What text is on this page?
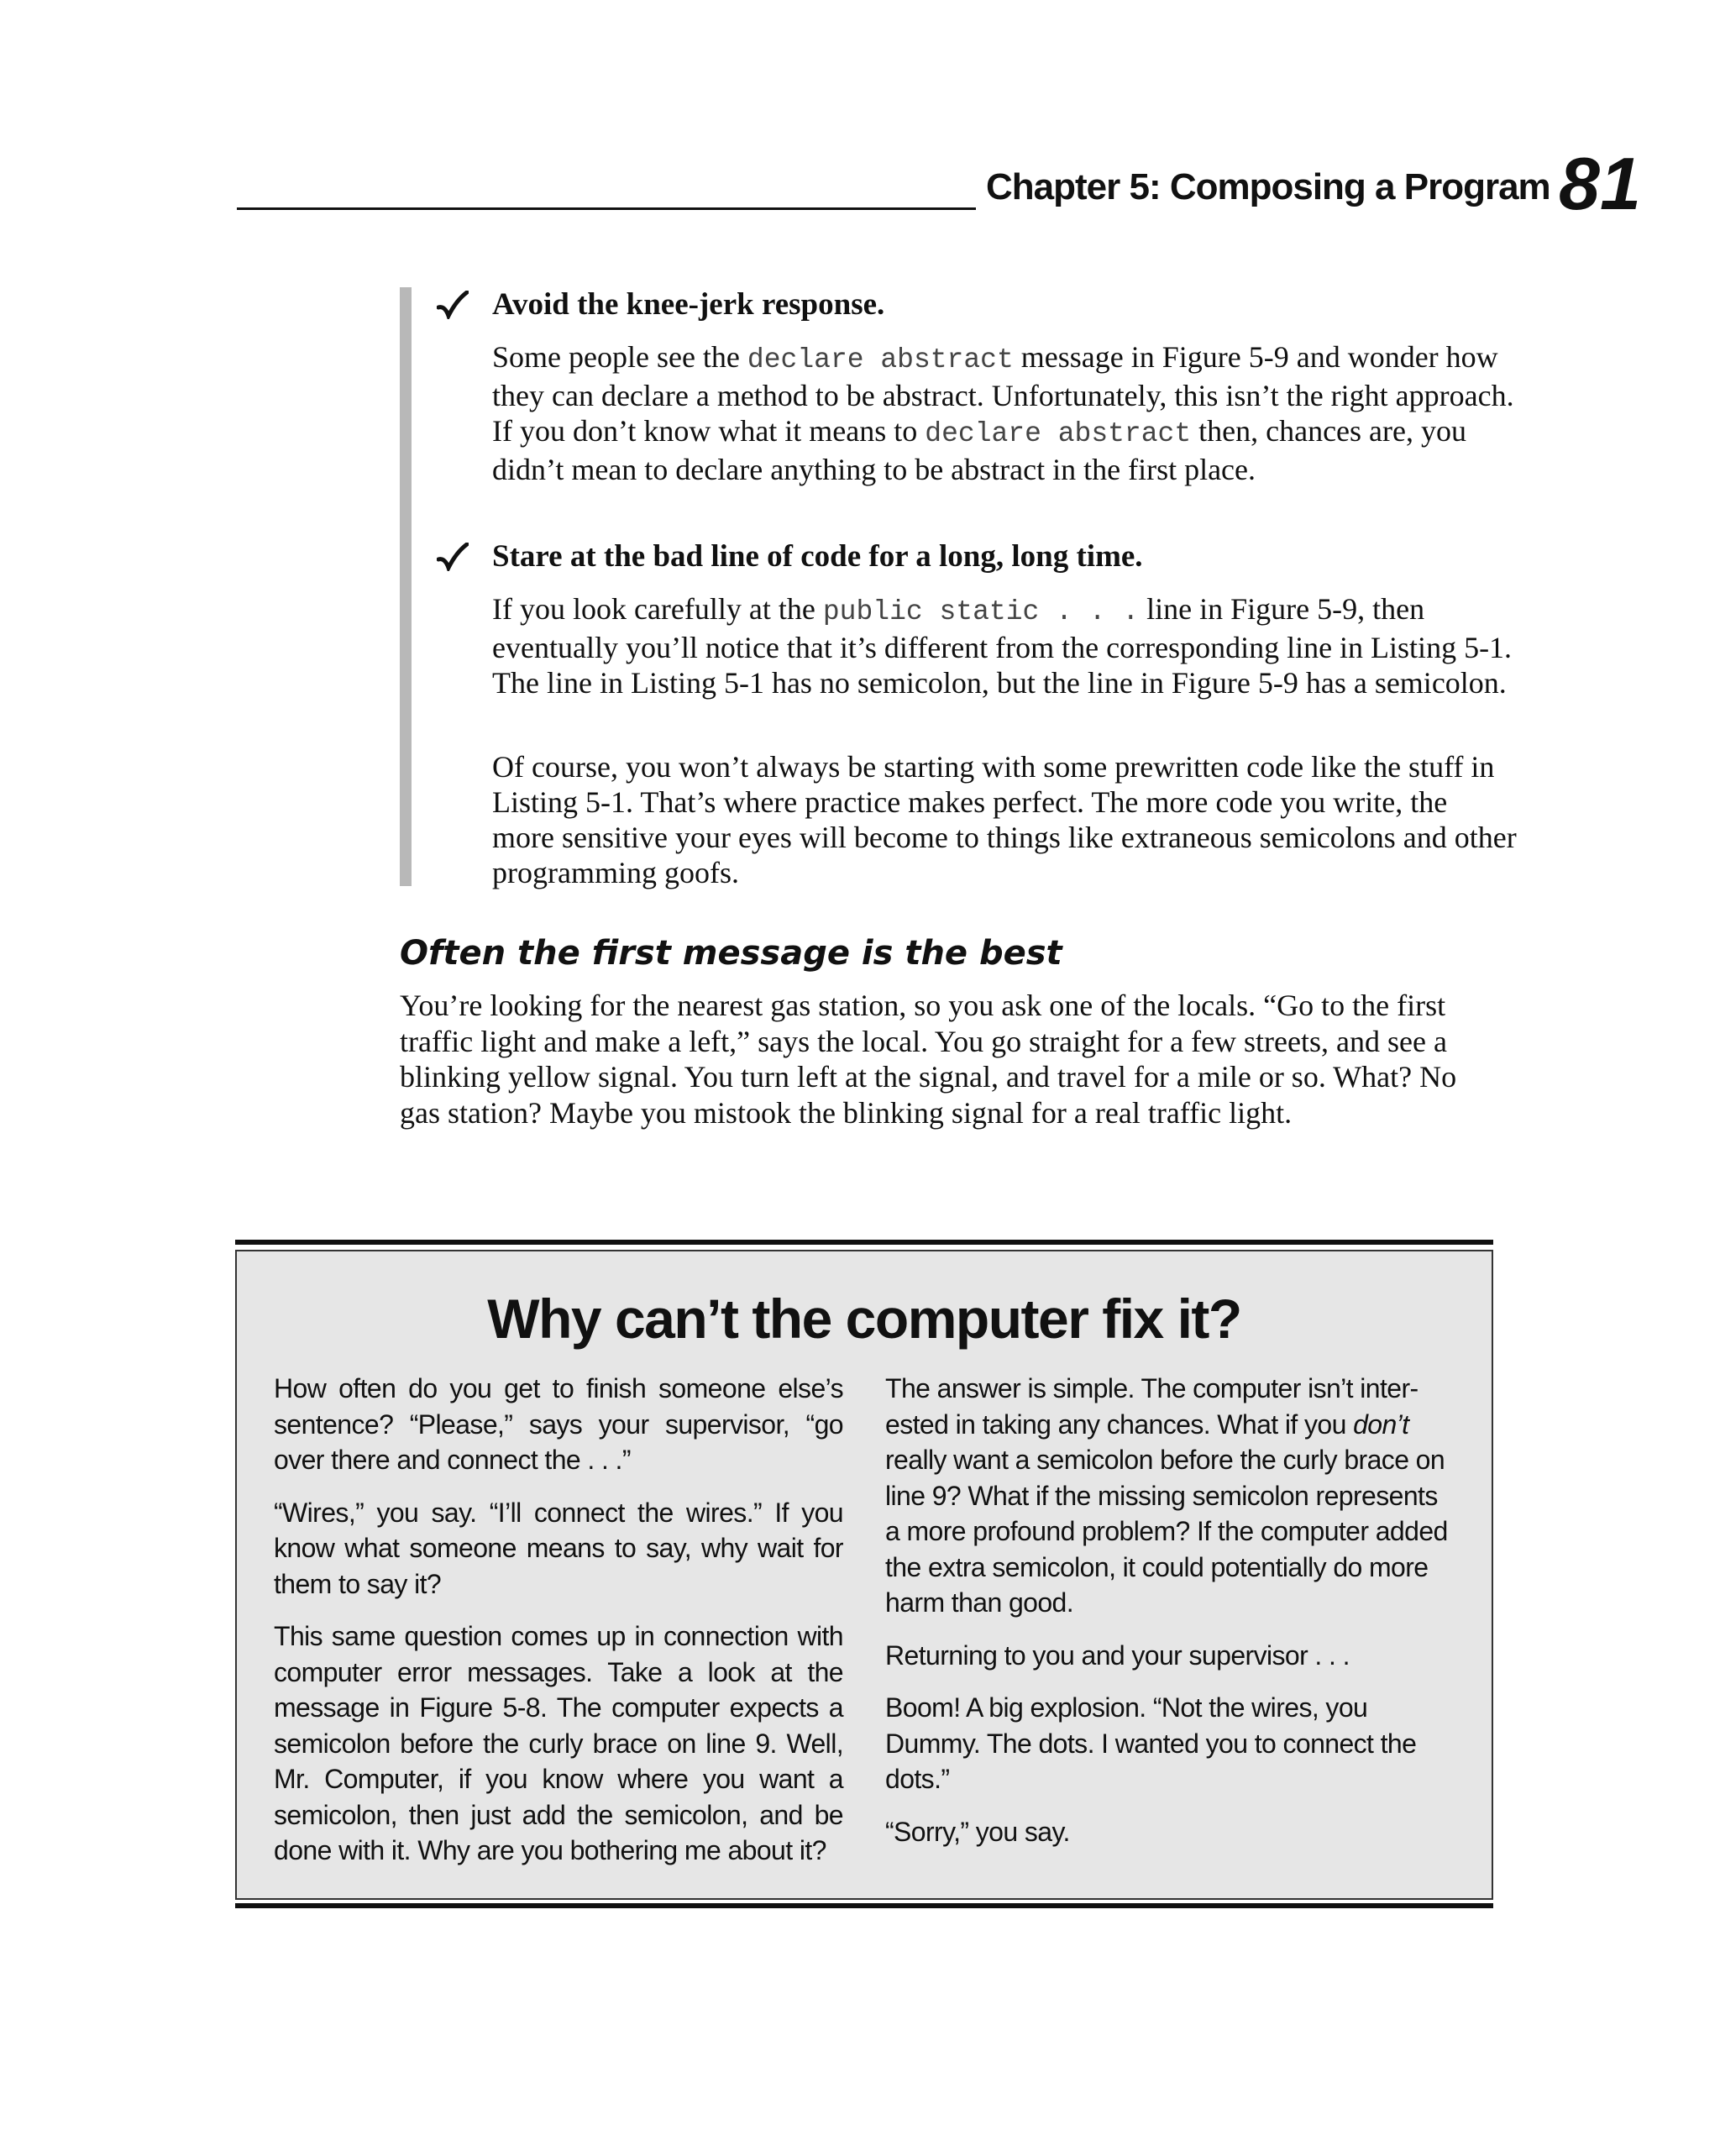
Chapter 5: Composing a Program 81
Avoid the knee-jerk response.
Some people see the declare abstract message in Figure 5-9 and wonder how they can declare a method to be abstract. Unfortunately, this isn’t the right approach. If you don’t know what it means to declare abstract then, chances are, you didn’t mean to declare anything to be abstract in the first place.
Stare at the bad line of code for a long, long time.
If you look carefully at the public static . . . line in Figure 5-9, then eventually you’ll notice that it’s different from the corresponding line in Listing 5-1. The line in Listing 5-1 has no semicolon, but the line in Figure 5-9 has a semicolon.
Of course, you won’t always be starting with some prewritten code like the stuff in Listing 5-1. That’s where practice makes perfect. The more code you write, the more sensitive your eyes will become to things like extraneous semicolons and other programming goofs.
Often the first message is the best
You’re looking for the nearest gas station, so you ask one of the locals. “Go to the first traffic light and make a left,” says the local. You go straight for a few streets, and see a blinking yellow signal. You turn left at the signal, and travel for a mile or so. What? No gas station? Maybe you mistook the blinking signal for a real traffic light.
Why can’t the computer fix it?

How often do you get to finish someone else’s sentence? “Please,” says your supervisor, “go over there and connect the . . .”

“Wires,” you say. “I’ll connect the wires.” If you know what someone means to say, why wait for them to say it?

This same question comes up in connection with computer error messages. Take a look at the message in Figure 5-8. The computer expects a semicolon before the curly brace on line 9. Well, Mr. Computer, if you know where you want a semicolon, then just add the semicolon, and be done with it. Why are you bothering me about it?

The answer is simple. The computer isn’t interested in taking any chances. What if you don’t really want a semicolon before the curly brace on line 9? What if the missing semicolon represents a more profound problem? If the computer added the extra semicolon, it could potentially do more harm than good.

Returning to you and your supervisor . . .

Boom! A big explosion. “Not the wires, you Dummy. The dots. I wanted you to connect the dots.”

“Sorry,” you say.
